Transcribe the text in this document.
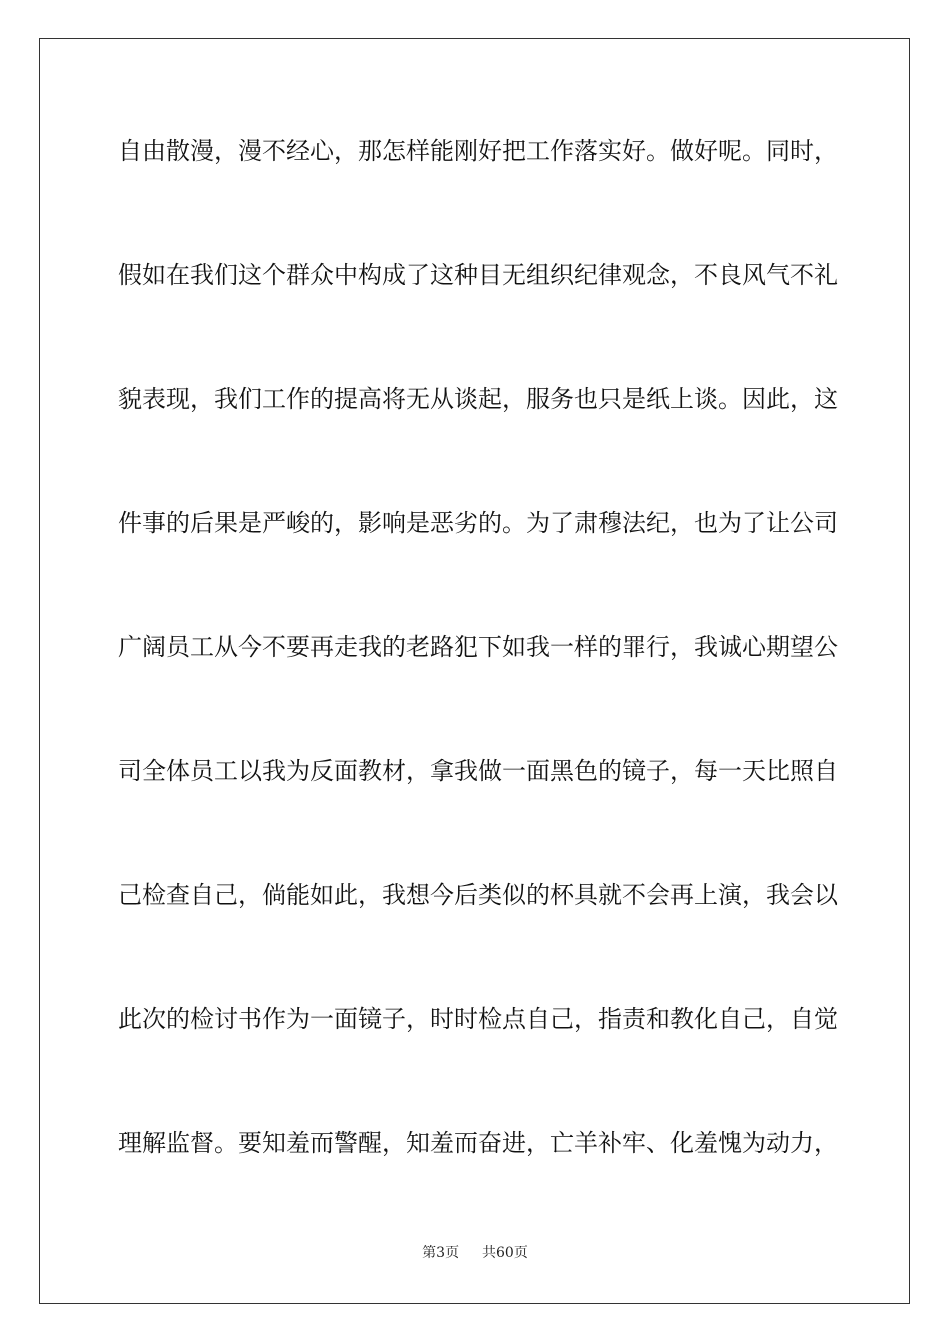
自由散漫，漫不经心，那怎样能刚好把工作落实好。做好呢。同时，
假如在我们这个群众中构成了这种目无组织纪律观念，不良风气不礼
貌表现，我们工作的提高将无从谈起，服务也只是纸上谈。因此，这
件事的后果是严峻的，影响是恶劣的。为了肃穆法纪，也为了让公司
广阔员工从今不要再走我的老路犯下如我一样的罪行，我诚心期望公
司全体员工以我为反面教材，拿我做一面黑色的镜子，每一天比照自
己检查自己，倘能如此，我想今后类似的杯具就不会再上演，我会以
此次的检讨书作为一面镜子，时时检点自己，指责和教化自己，自觉
理解监督。要知羞而警醒，知羞而奋进，亡羊补牢、化羞愧为动力，
第3页 共60页
